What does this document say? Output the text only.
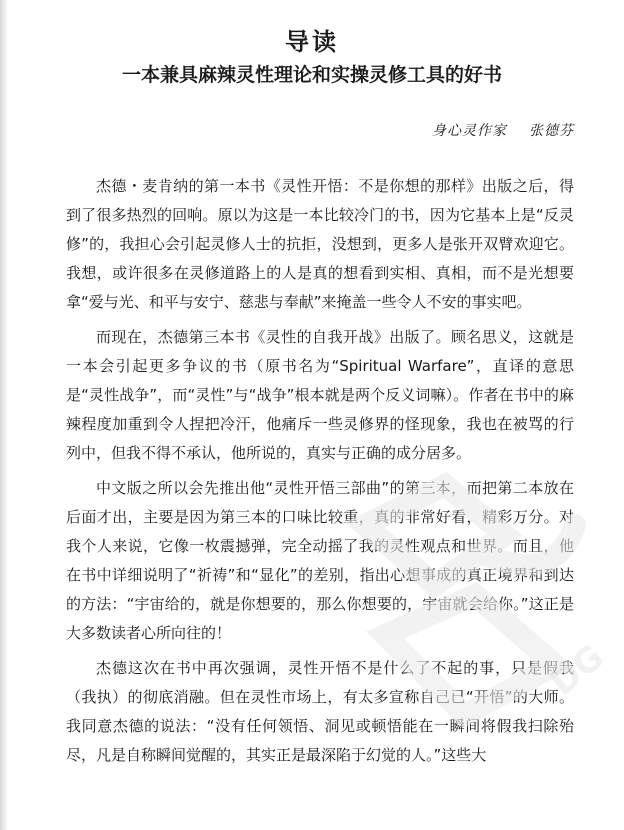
导读
一本兼具麻辣灵性理论和实操灵修工具的好书
身心灵作家 张德芬

杰德・麦肯纳的第一本书《灵性开悟：不是你想的那样》出版之后，得到了很多热烈的回响。原以为这是一本比较冷门的书，因为它基本上是“反灵修”的，我担心会引起灵修人士的抗拒，没想到，更多人是张开双臂欢迎它。我想，或许很多在灵修道路上的人是真的想看到实相、真相，而不是光想要拿“爱与光、和平与安宁、慈悲与奉献”来掩盖一些令人不安的事实吧。

而现在，杰德第三本书《灵性的自我开战》出版了。顾名思义，这就是一本会引起更多争议的书（原书名为“Spiritual Warfare”，直译的意思是“灵性战争”，而“灵性”与“战争”根本就是两个反义词嘛）。作者在书中的麻辣程度加重到令人捏把冷汗，他痛斥一些灵修界的怪现象，我也在被骂的行列中，但我不得不承认，他所说的，真实与正确的成分居多。

中文版之所以会先推出他“灵性开悟三部曲”的第三本，而把第二本放在后面才出，主要是因为第三本的口味比较重，真的非常好看，精彩万分。对我个人来说，它像一枚震撼弹，完全动摇了我的灵性观点和世界。而且，他在书中详细说明了“祈祷”和“显化”的差别，指出心想事成的真正境界和到达的方法：“宇宙给的，就是你想要的，那么你想要的，宇宙就会给你。”这正是大多数读者心所向往的！

杰德这次在书中再次强调，灵性开悟不是什么了不起的事，只是假我（我执）的彻底消融。但在灵性市场上，有太多宣称自己已“开悟”的大师。我同意杰德的说法：“没有任何领悟、洞见或顿悟能在一瞬间将假我扫除殆尽，凡是自称瞬间觉醒的，其实正是最深陷于幻觉的人。”这些大

DG
